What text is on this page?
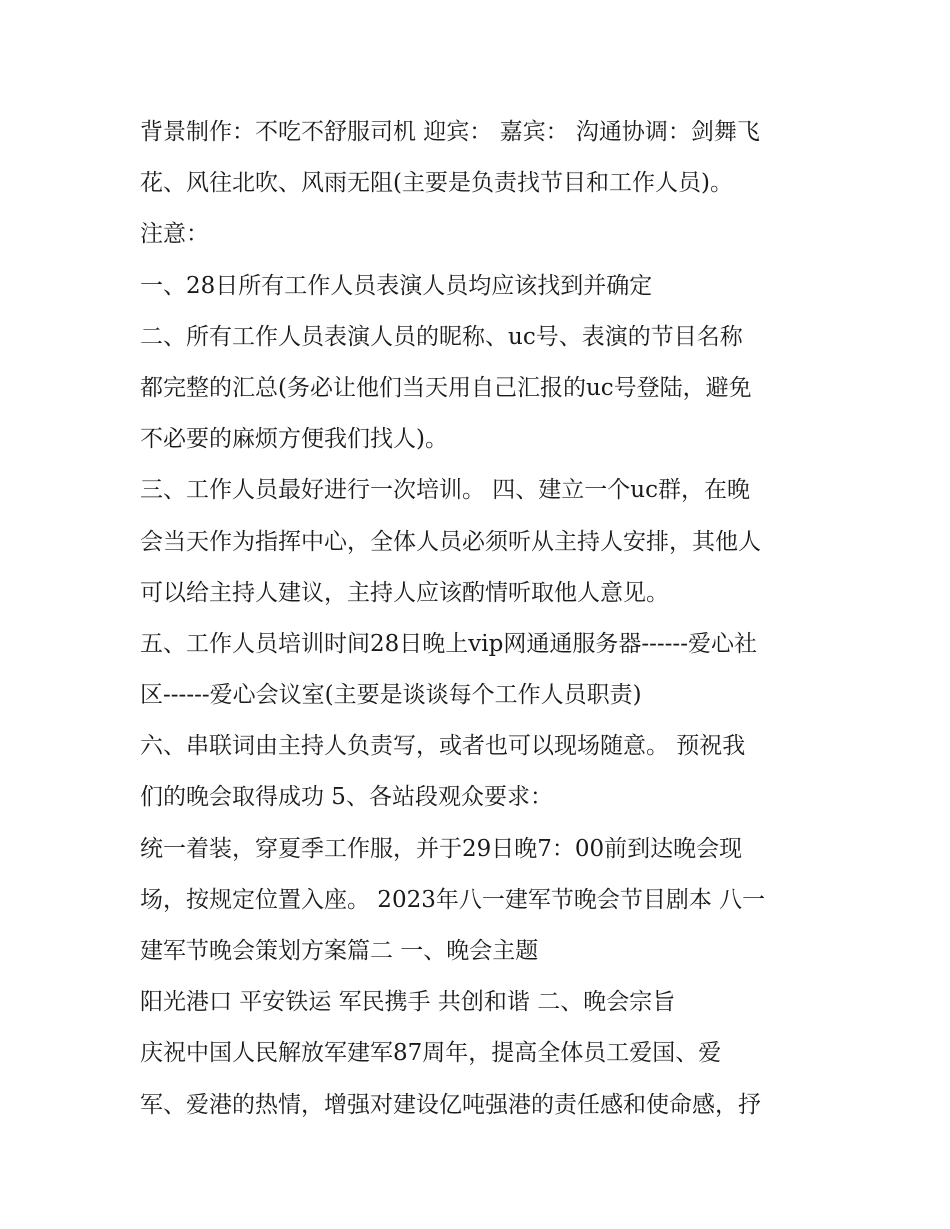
背景制作：不吃不舒服司机 迎宾： 嘉宾： 沟通协调：剑舞飞
花、风往北吹、风雨无阻(主要是负责找节目和工作人员)。
注意：
一、28日所有工作人员表演人员均应该找到并确定
二、所有工作人员表演人员的昵称、uc号、表演的节目名称
都完整的汇总(务必让他们当天用自己汇报的uc号登陆，避免
不必要的麻烦方便我们找人)。
三、工作人员最好进行一次培训。 四、建立一个uc群，在晚
会当天作为指挥中心，全体人员必须听从主持人安排，其他人
可以给主持人建议，主持人应该酌情听取他人意见。
五、工作人员培训时间28日晚上vip网通通服务器------爱心社
区------爱心会议室(主要是谈谈每个工作人员职责)
六、串联词由主持人负责写，或者也可以现场随意。 预祝我
们的晚会取得成功 5、各站段观众要求：
统一着装，穿夏季工作服，并于29日晚7：00前到达晚会现
场，按规定位置入座。 2023年八一建军节晚会节目剧本 八一
建军节晚会策划方案篇二 一、晚会主题
阳光港口 平安铁运 军民携手 共创和谐 二、晚会宗旨
庆祝中国人民解放军建军87周年，提高全体员工爱国、爱
军、爱港的热情，增强对建设亿吨强港的责任感和使命感，抒
